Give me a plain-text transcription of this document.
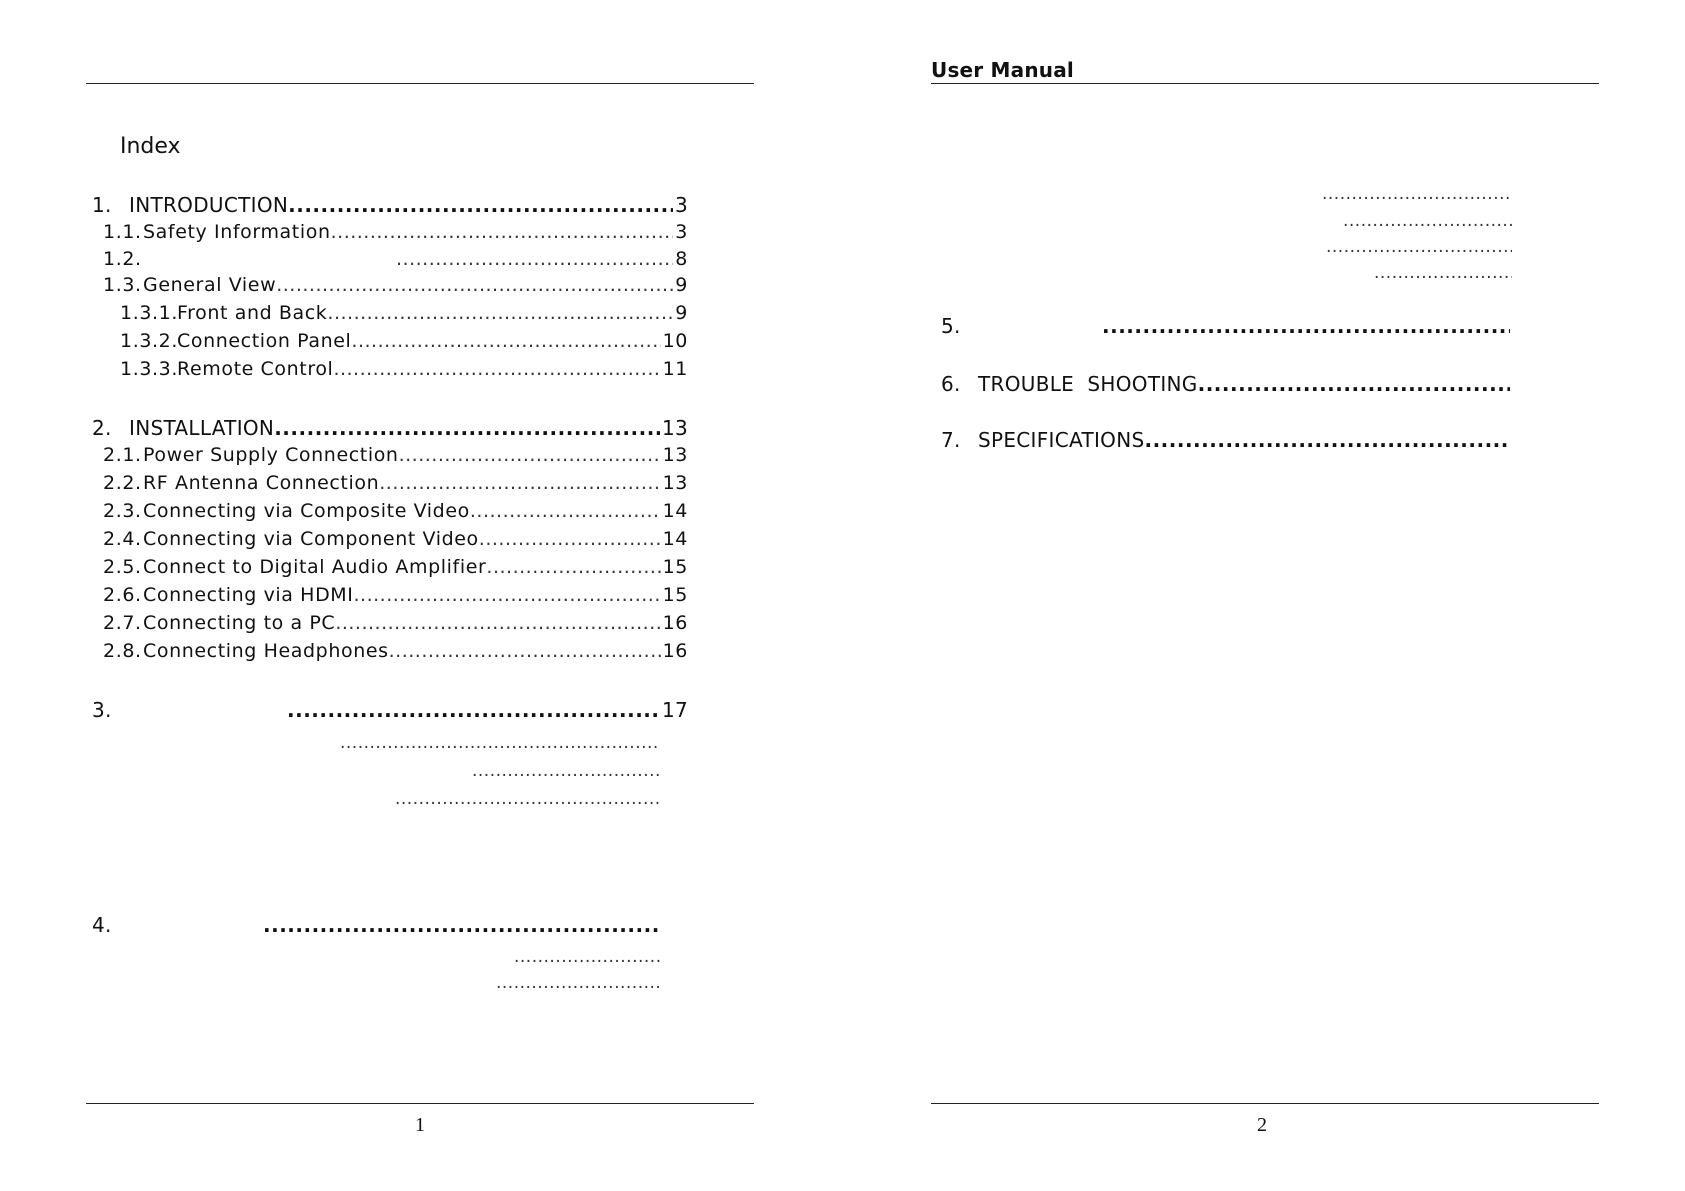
Index
1. INTRODUCTION .....	3
1.1. Safety Information .....	3
1.2. .....	8
1.3. General View .....	9
1.3.1. Front and Back .....	9
1.3.2. Connection Panel .....	10
1.3.3. Remote Control .....	11
2. INSTALLATION .....	13
2.1. Power Supply Connection .....	13
2.2. RF Antenna Connection .....	13
2.3. Connecting via Composite Video .....	14
2.4. Connecting via Component Video .....	14
2.5. Connect to Digital Audio Amplifier .....	15
2.6. Connecting via HDMI .....	15
2.7. Connecting to a PC .....	16
2.8. Connecting Headphones .....	16
3. .....	17
.....
.....
.....
4.
.....
.....
.....
1
User Manual
.....
.....
.....
.....
5.
.....
6. TROUBLE  SHOOTING
.....
7. SPECIFICATIONS
.....
2
